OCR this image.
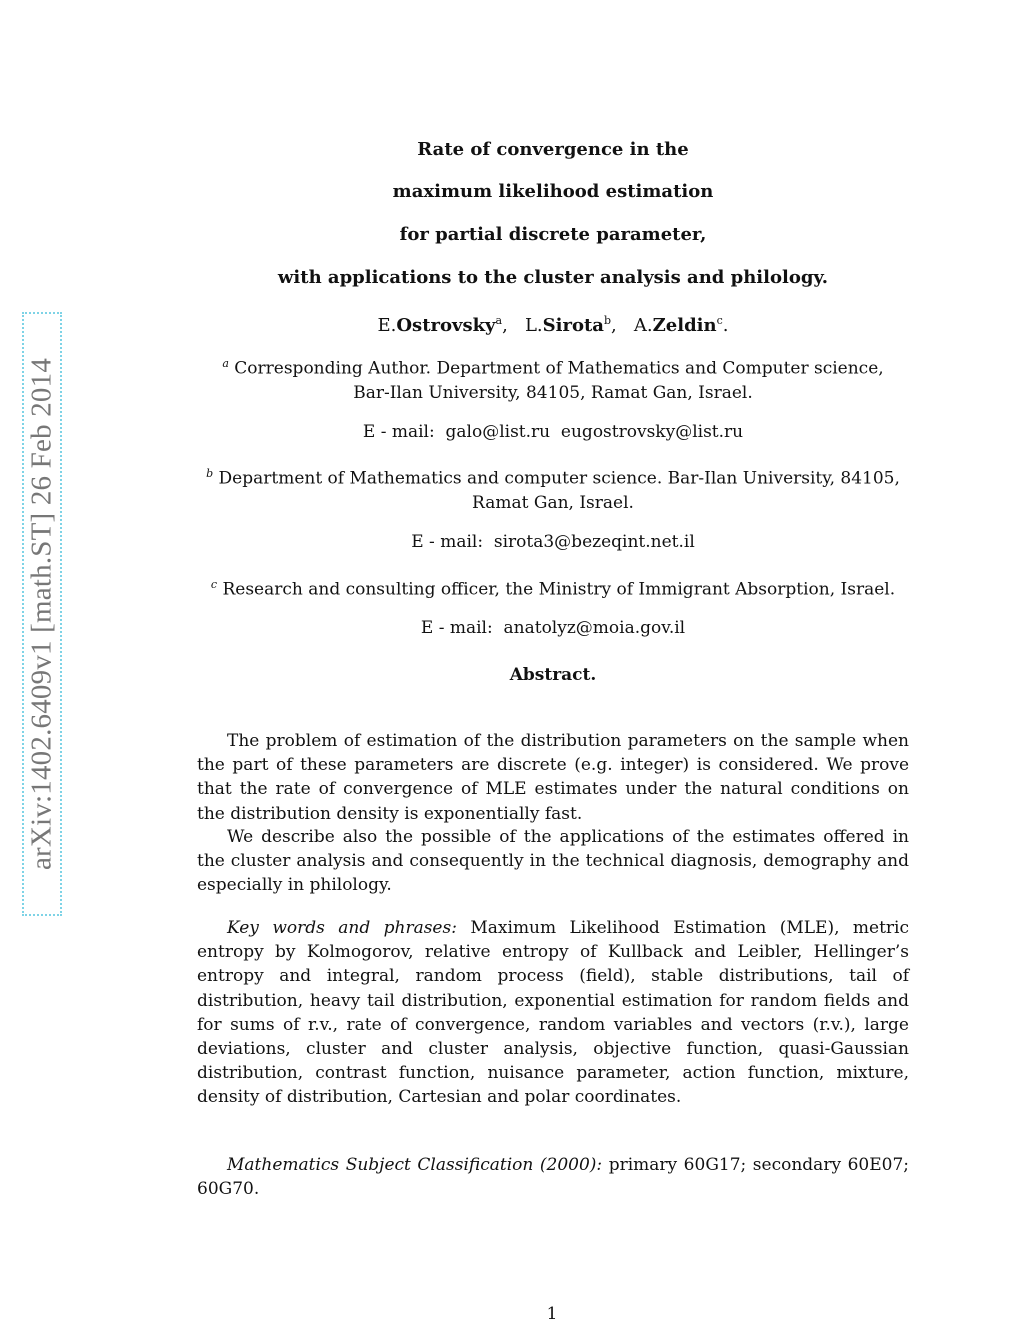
arXiv:1402.6409v1 [math.ST] 26 Feb 2014
Rate of convergence in the
maximum likelihood estimation
for partial discrete parameter,
with applications to the cluster analysis and philology.
E.Ostrovsky$^a$,   L.Sirota$^b$,   A.Zeldin$^c$.
$^a$ Corresponding Author. Department of Mathematics and Computer science,
Bar-Ilan University, 84105, Ramat Gan, Israel.
E - mail: galo@list.ru  eugostrovsky@list.ru
$^b$ Department of Mathematics and computer science. Bar-Ilan University, 84105,
Ramat Gan, Israel.
E - mail: sirota3@bezeqint.net.il
$^c$ Research and consulting officer, the Ministry of Immigrant Absorption, Israel.
E - mail: anatolyz@moia.gov.il
Abstract.
The problem of estimation of the distribution parameters on the sample when the part of these parameters are discrete (e.g. integer) is considered. We prove that the rate of convergence of MLE estimates under the natural conditions on the distribution density is exponentially fast.
We describe also the possible of the applications of the estimates offered in the cluster analysis and consequently in the technical diagnosis, demography and especially in philology.
Key words and phrases: Maximum Likelihood Estimation (MLE), metric entropy by Kolmogorov, relative entropy of Kullback and Leibler, Hellinger’s entropy and integral, random process (field), stable distributions, tail of distribution, heavy tail distribution, exponential estimation for random fields and for sums of r.v., rate of convergence, random variables and vectors (r.v.), large deviations, cluster and cluster analysis, objective function, quasi-Gaussian distribution, contrast function, nuisance parameter, action function, mixture, density of distribution, Cartesian and polar coordinates.
Mathematics Subject Classification (2000): primary 60G17; secondary 60E07; 60G70.
1
